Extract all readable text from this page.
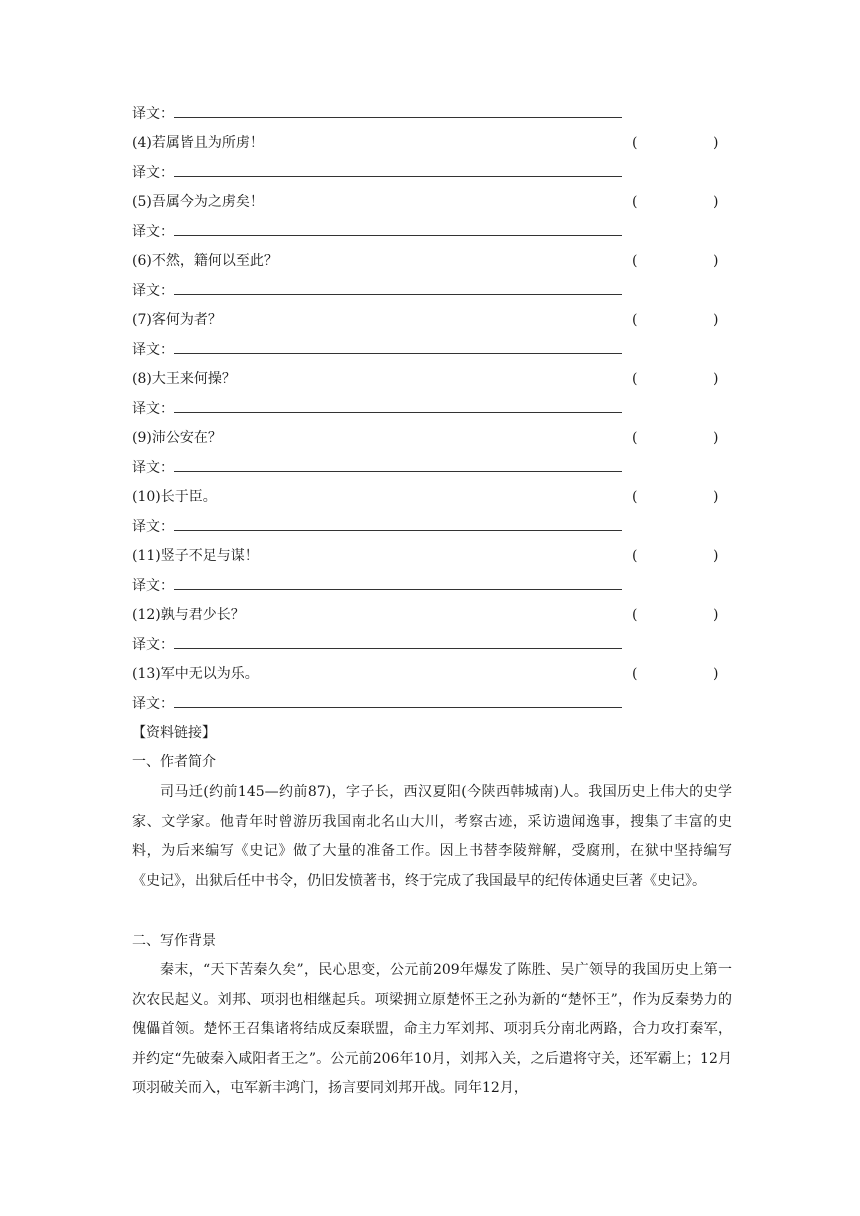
译文：
(4)若属皆且为所虏！	(	)
译文：
(5)吾属今为之虏矣！	(	)
译文：
(6)不然，籍何以至此？	(	)
译文：
(7)客何为者？	(	)
译文：
(8)大王来何操？	(	)
译文：
(9)沛公安在？	(	)
译文：
(10)长于臣。	(	)
译文：
(11)竖子不足与谋！	(	)
译文：
(12)孰与君少长？	(	)
译文：
(13)军中无以为乐。	(	)
译文：
【资料链接】
一、作者简介
司马迁(约前145—约前87)，字子长，西汉夏阳(今陕西韩城南)人。我国历史上伟大的史学家、文学家。他青年时曾游历我国南北名山大川，考察古迹，采访遗闻逸事，搜集了丰富的史料，为后来编写《史记》做了大量的准备工作。因上书替李陵辩解，受腐刑，在狱中坚持编写《史记》，出狱后任中书令，仍旧发愤著书，终于完成了我国最早的纪传体通史巨著《史记》。
二、写作背景
秦末，“天下苦秦久矣”，民心思变，公元前209年爆发了陈胜、吴广领导的我国历史上第一次农民起义。刘邦、项羽也相继起兵。项梁拥立原楚怀王之孙为新的“楚怀王”，作为反秦势力的傀儡首领。楚怀王召集诸将结成反秦联盟，命主力军刘邦、项羽兵分南北两路，合力攻打秦军，并约定“先破秦入咸阳者王之”。公元前206年10月，刘邦入关，之后遣将守关，还军霸上；12月项羽破关而入，屯军新丰鸿门，扬言要同刘邦开战。同年12月，
